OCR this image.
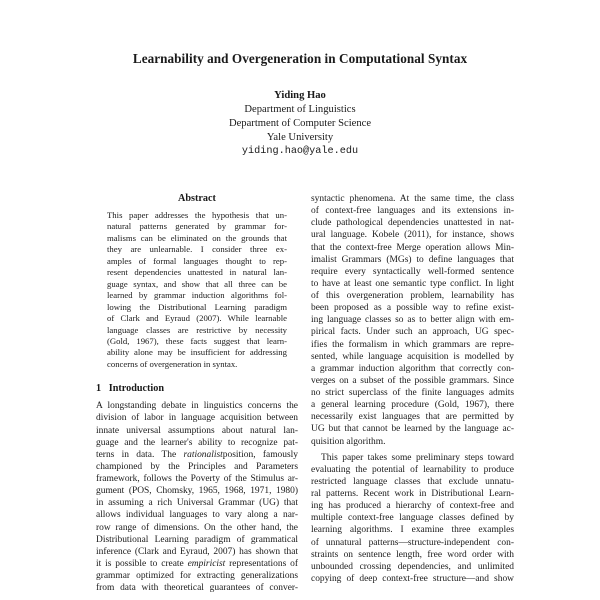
Learnability and Overgeneration in Computational Syntax
Yiding Hao
Department of Linguistics
Department of Computer Science
Yale University
yiding.hao@yale.edu
Abstract
This paper addresses the hypothesis that un-
natural patterns generated by grammar for-
malisms can be eliminated on the grounds that
they are unlearnable. I consider three ex-
amples of formal languages thought to rep-
resent dependencies unattested in natural lan-
guage syntax, and show that all three can be
learned by grammar induction algorithms fol-
lowing the Distributional Learning paradigm
of Clark and Eyraud (2007). While learnable
language classes are restrictive by necessity
(Gold, 1967), these facts suggest that learn-
ability alone may be insufficient for addressing
concerns of overgeneration in syntax.
1 Introduction
A longstanding debate in linguistics concerns the
division of labor in language acquisition between
innate universal assumptions about natural lan-
guage and the learner's ability to recognize pat-
terns in data. The rationalistposition, famously
championed by the Principles and Parameters
framework, follows the Poverty of the Stimulus ar-
gument (POS, Chomsky, 1965, 1968, 1971, 1980)
in assuming a rich Universal Grammar (UG) that
allows individual languages to vary along a nar-
row range of dimensions. On the other hand, the
Distributional Learning paradigm of grammatical
inference (Clark and Eyraud, 2007) has shown that
it is possible to create empiricist representations of
grammar optimized for extracting generalizations
from data with theoretical guarantees of conver-
syntactic phenomena. At the same time, the class
of context-free languages and its extensions in-
clude pathological dependencies unattested in nat-
ural language. Kobele (2011), for instance, shows
that the context-free Merge operation allows Min-
imalist Grammars (MGs) to define languages that
require every syntactically well-formed sentence
to have at least one semantic type conflict. In light
of this overgeneration problem, learnability has
been proposed as a possible way to refine exist-
ing language classes so as to better align with em-
pirical facts. Under such an approach, UG spec-
ifies the formalism in which grammars are repre-
sented, while language acquisition is modelled by
a grammar induction algorithm that correctly con-
verges on a subset of the possible grammars. Since
no strict superclass of the finite languages admits
a general learning procedure (Gold, 1967), there
necessarily exist languages that are permitted by
UG but that cannot be learned by the language ac-
quisition algorithm.
This paper takes some preliminary steps toward
evaluating the potential of learnability to produce
restricted language classes that exclude unnatu-
ral patterns. Recent work in Distributional Learn-
ing has produced a hierarchy of context-free and
multiple context-free language classes defined by
learning algorithms. I examine three examples
of unnatural patterns—structure-independent con-
straints on sentence length, free word order with
unbounded crossing dependencies, and unlimited
copying of deep context-free structure—and show
